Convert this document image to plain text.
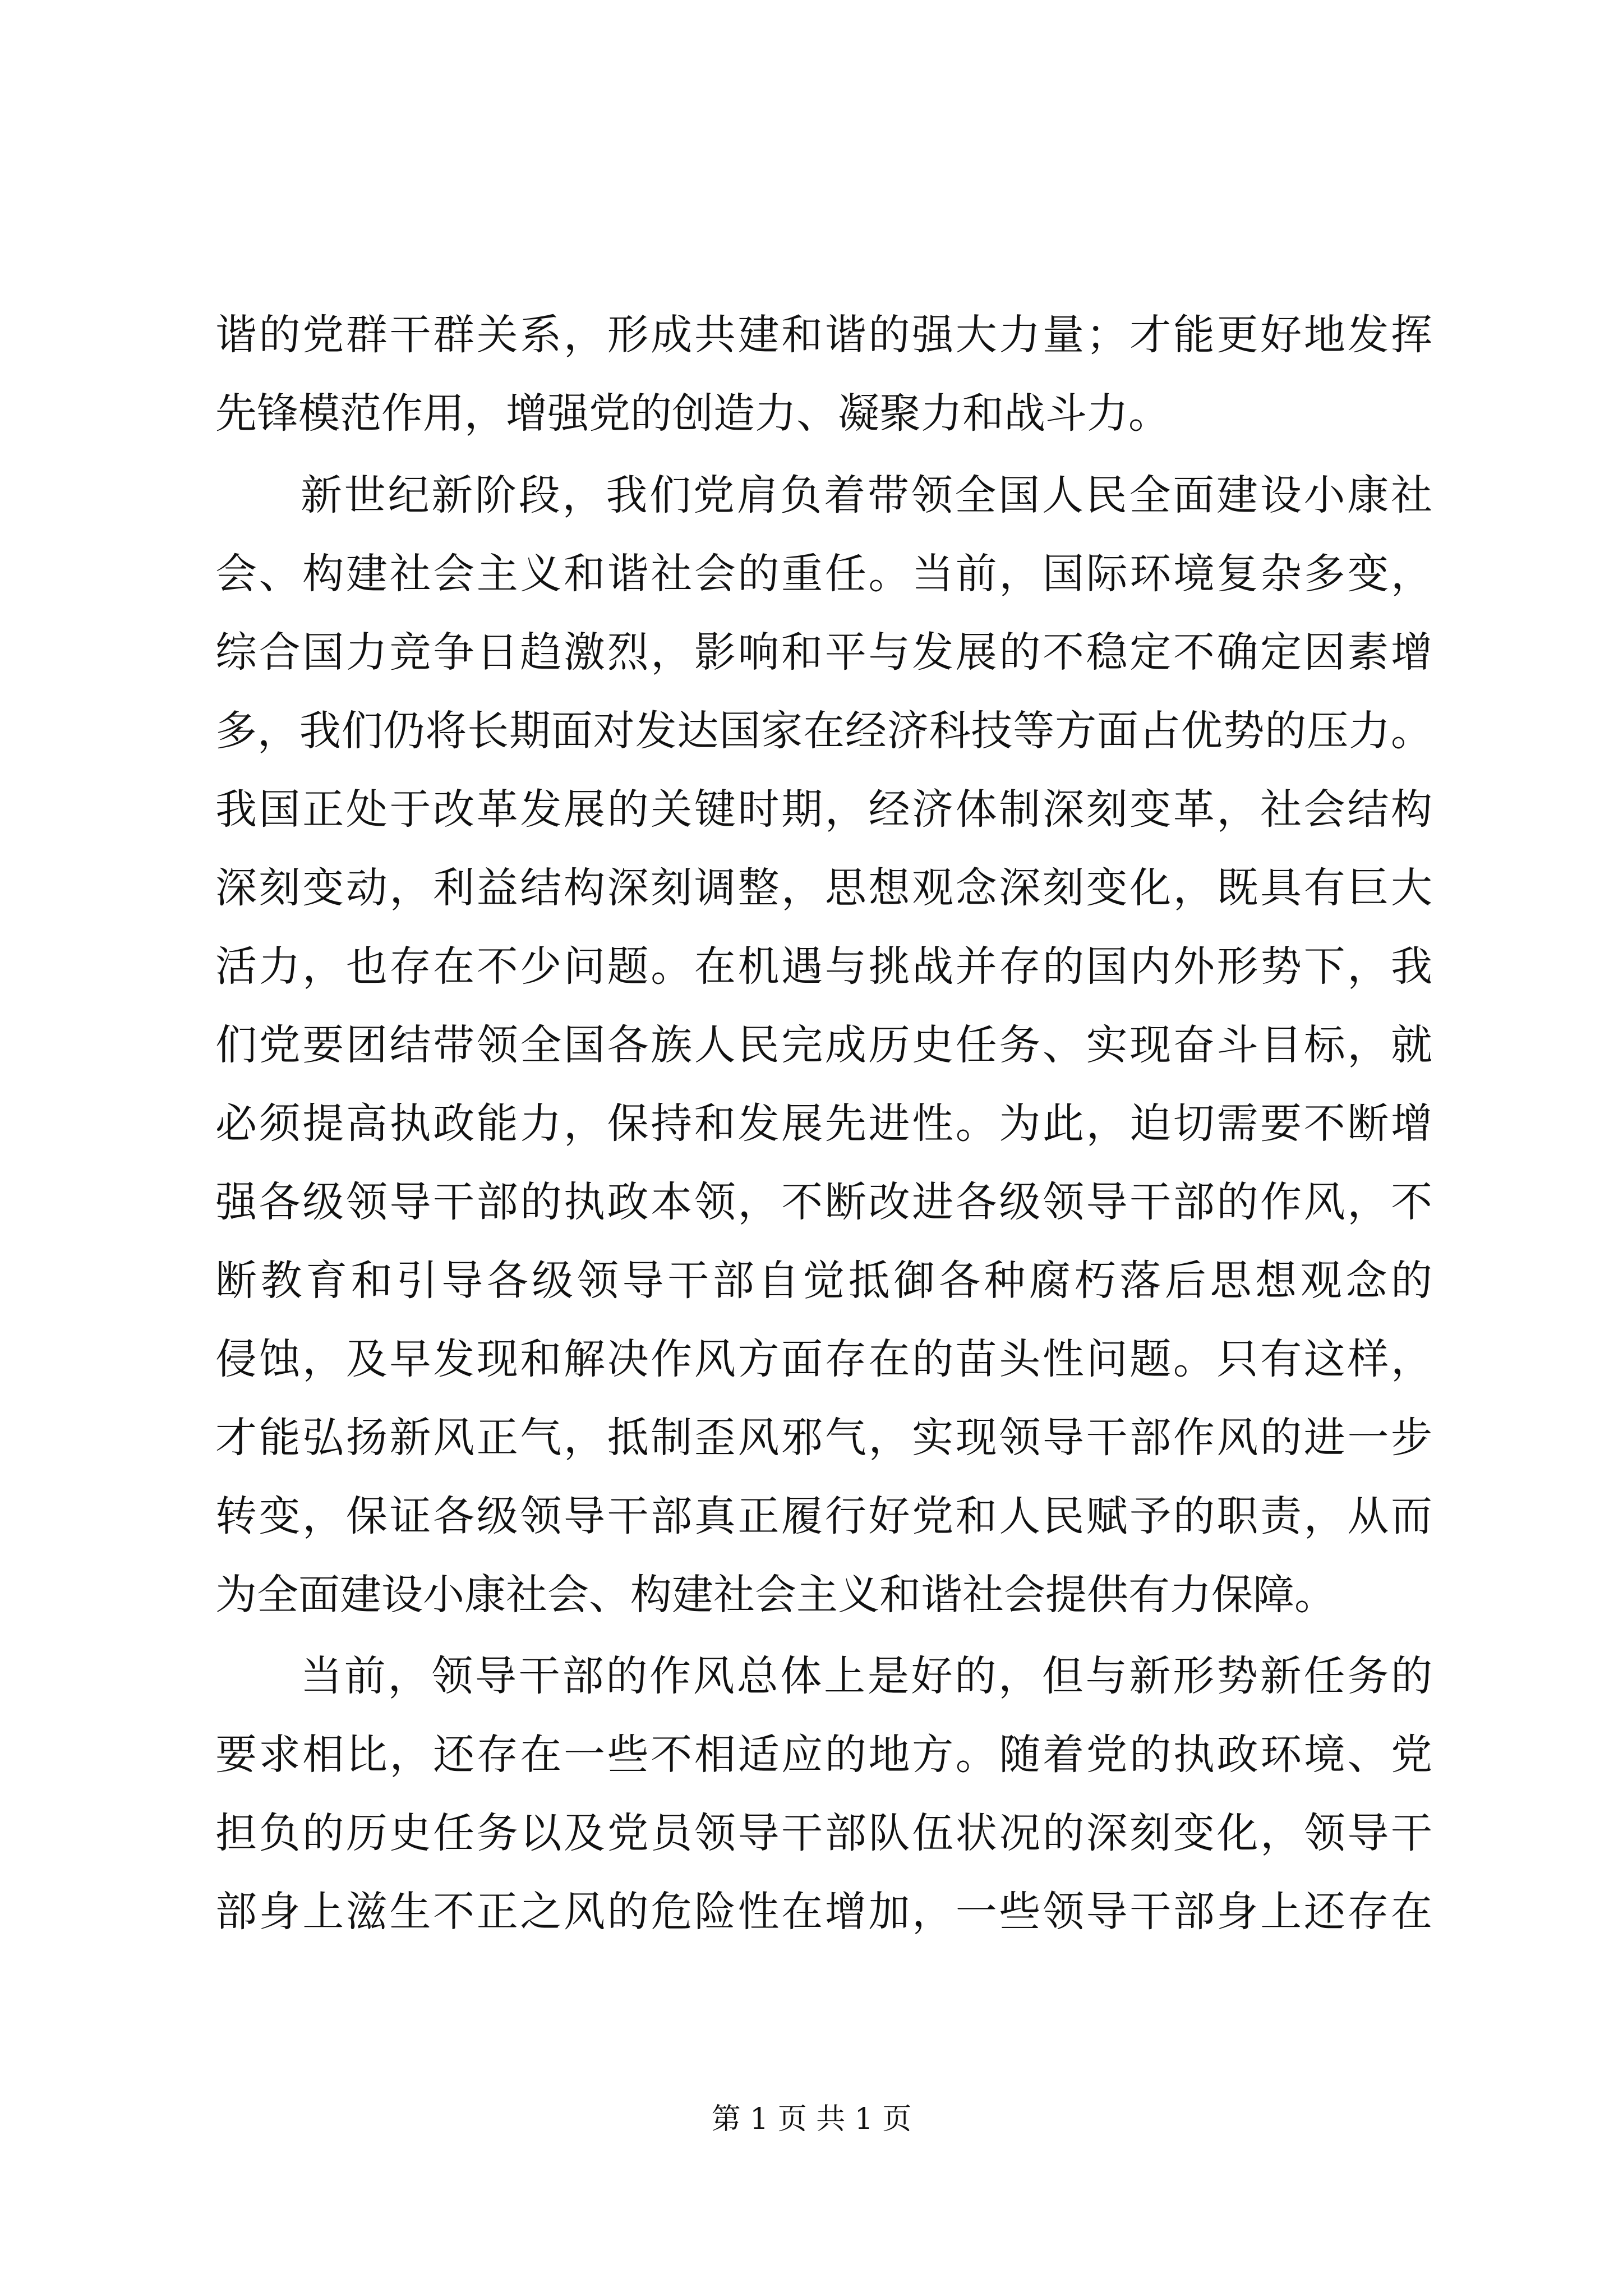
谐的党群干群关系，形成共建和谐的强大力量；才能更好地发挥
先锋模范作用，增强党的创造力、凝聚力和战斗力。
新世纪新阶段，我们党肩负着带领全国人民全面建设小康社
会、构建社会主义和谐社会的重任。当前，国际环境复杂多变，
综合国力竞争日趋激烈，影响和平与发展的不稳定不确定因素增
多，我们仍将长期面对发达国家在经济科技等方面占优势的压力。
我国正处于改革发展的关键时期，经济体制深刻变革，社会结构
深刻变动，利益结构深刻调整，思想观念深刻变化，既具有巨大
活力，也存在不少问题。在机遇与挑战并存的国内外形势下，我
们党要团结带领全国各族人民完成历史任务、实现奋斗目标，就
必须提高执政能力，保持和发展先进性。为此，迫切需要不断增
强各级领导干部的执政本领，不断改进各级领导干部的作风，不
断教育和引导各级领导干部自觉抵御各种腐朽落后思想观念的
侵蚀，及早发现和解决作风方面存在的苗头性问题。只有这样，
才能弘扬新风正气，抵制歪风邪气，实现领导干部作风的进一步
转变，保证各级领导干部真正履行好党和人民赋予的职责，从而
为全面建设小康社会、构建社会主义和谐社会提供有力保障。
当前，领导干部的作风总体上是好的，但与新形势新任务的
要求相比，还存在一些不相适应的地方。随着党的执政环境、党
担负的历史任务以及党员领导干部队伍状况的深刻变化，领导干
部身上滋生不正之风的危险性在增加，一些领导干部身上还存在
第 1 页 共 1 页
